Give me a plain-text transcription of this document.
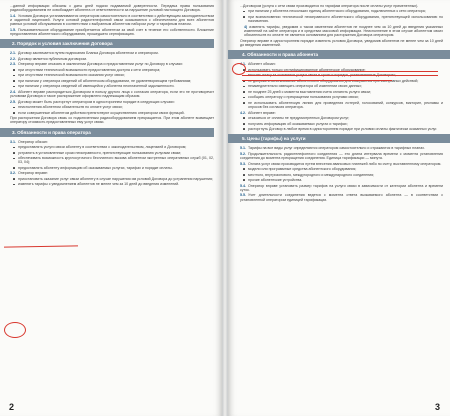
...данной информации обязаны с даты дней подачи подаваемой доверенности. Передача права пользования радиооборудованием не освобождает абонента от ответственности за нарушение условий настоящего Договора.

1.4. Условия Договора устанавливаются оператором самостоятельно в соответствии с действующим законодательством и заданной лицензией. Услуги сотовой радиотелефонной связи оказываются с обеспечением для всех абонентов равных условий обслуживания в соответствии с выбранным абонентом набором услуг и тарифным планом.

1.5. Пользовательское оборудование приобретается абонентом за свой счет в течение его собственности. Вложение предоставления абонентского оборудования, прошедшего сертификацию.

2. Порядок и условия заключения Договора

2.1. Договор заключается путем подписания Бланка Договора абонентом и оператором.

2.2. Договор является публичным договором.

2.3. Оператор вправе отказать в заключении Договора и предоставлении услуг по Договору в случаях:

при отсутствии технической возможности предоставления доступа к сети оператора;

при отсутствии технической возможности оказания услуг связи;

при наличии у оператора сведений об абонентском оборудовании, не удовлетворяющем требованиям;

при наличии у оператора сведений об имеющейся у абонента неоплаченной задолженности.

2.4. Абонент вправе распорядиться Договором в пользу другого лица с согласия оператора, если это не противоречит условиям Договора и такое распоряжение оформлено надлежащим образом.

2.5. Договор может быть расторгнут оператором в одностороннем порядке в следующих случаях:

неисполнения абонентом обязательств по оплате услуг связи;

если совершенные абонентом действия препятствуют осуществлению оператором своих функций.

При расторжении Договора связь со подключенным радиооборудованием прекращается. При этом абонент возмещает оператору стоимость предоставленных ему услуг связи.

3. Обязанности и права оператора

3.1. Оператор обязан:

предоставлять услуги связи абоненту в соответствии с законодательством, лицензией и Договором;

устранять в установленные сроки неисправности, препятствующие пользованию услугами связи;

обеспечивать возможность круглосуточного бесплатного вызова абонентом экстренных оперативных служб (01, 02, 03, 04);

предоставлять абоненту информацию об оказываемых услугах, тарифах и порядке оплаты.

3.2. Оператор вправе:

приостановить оказание услуг связи абоненту в случае нарушения им условий Договора до устранения нарушения;

изменять тарифы с уведомлением абонентов не менее чем за 10 дней до введения изменений.

2

...Договором (услуга с сети связи производится по тарифам оператора после оплаты услуг примененных).

при наличии у абонента нескольких единиц абонентского оборудования, подключенных к сети оператора;

при возникновении технической неисправности абонентского оборудования, препятствующей использованию по назначению.

4) изменять тарифы, уведомив о таком изменении абонентов не позднее чем за 10 дней до введения указанных изменений на сайте оператора и в средствах массовой информации. Неисполнение в этом случае абонентом своих обязательств по оплате не является основанием для расторжения Договора оператором.

Оператор вправе в одностороннем порядке изменить условия Договора, уведомив абонентов не менее чем за 10 дней до введения изменений.

4. Обязанности и права абонента

4.1. Абонент обязан:

использовать только сертифицированное абонентское оборудование;

вносить плату за оказанные услуги связи в сроки и порядке, установленные Договором;

не допускать использование абонентского оборудования для совершения противоправных действий;

незамедлительно извещать оператора об изменении своих данных;

не позднее 25 дней с момента выставления счета оплатить услуги связи;

сообщать оператору о прекращении пользования услугами связи;

не использовать абонентскую линию для проведения лотерей, голосований, конкурсов, викторин, рекламы и опросов без согласия оператора.

4.2. Абонент вправе:

отказаться от оплаты не предусмотренных Договором услуг;

получать информацию об оказываемых услугах и тарифах;

расторгнуть Договор в любое время в одностороннем порядке при условии оплаты фактически оказанных услуг.

5. Цены (тарифы) на услуги

5.1. Тарифы на все виды услуг определяются оператором самостоятельно и отражаются в тарифных планах.

5.2. Продолжительность радиотелефонного соединения — это длина интервала времени с момента установления соединения до момента прекращения соединения. Единица тарификации — минута.

5.3. Оплата услуг связи производится путем внесения авансовых платежей либо по счету, выставленному оператором.

модели или программные средства абонентского оборудования;

местного, внутризонового, междугородного и международного соединения;

прочие абонентские устройства.

5.4. Оператор вправе установить размер тарифов на услуги связи в зависимости от категории абонента и времени суток.

5.5. Учет длительности соединения ведется с момента ответа вызываемого абонента — в соответствии с установленной оператором единицей тарификации.

3
